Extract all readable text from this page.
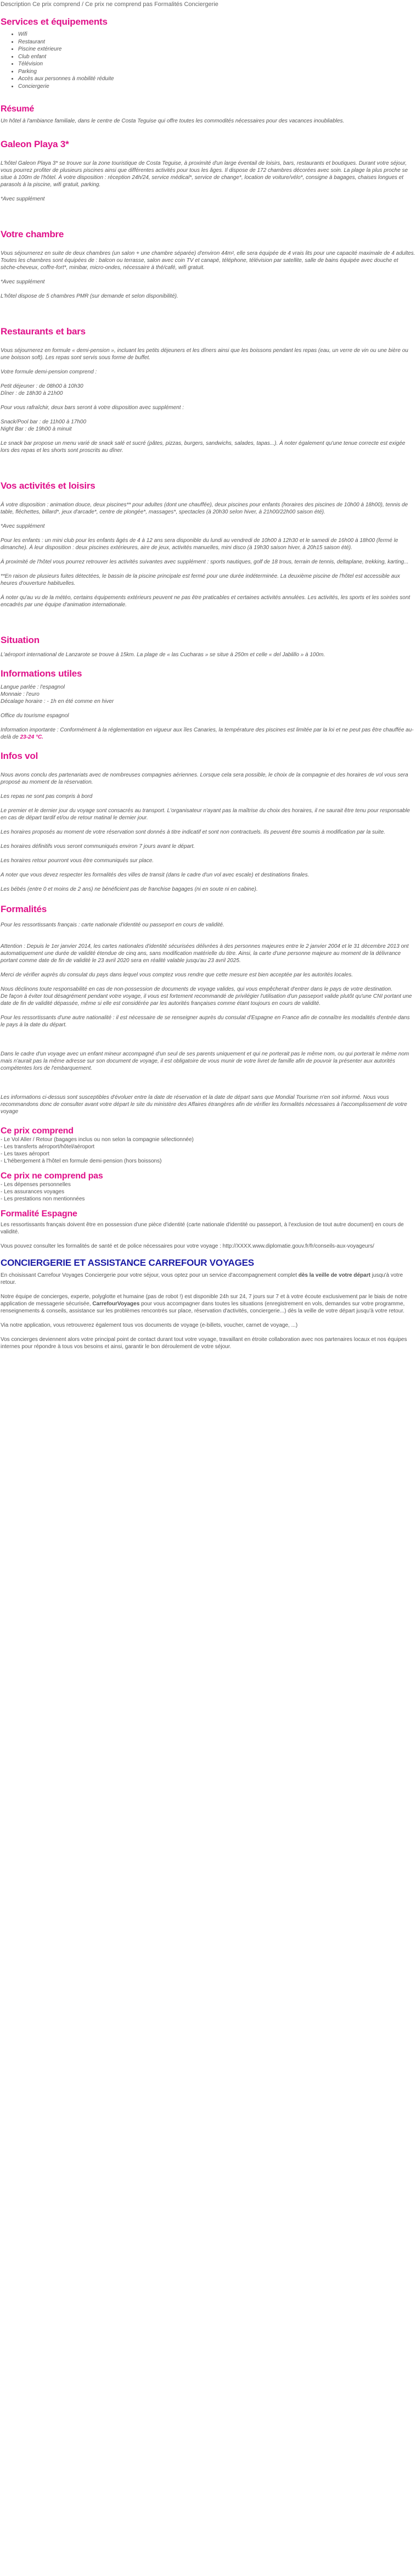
Description Ce prix comprend / Ce prix ne comprend pas Formalités Conciergerie
Services et équipements
• Wifi
• Restaurant
• Piscine extérieure
• Club enfant
• Télévision
• Parking
• Accès aux personnes à mobilité réduite
• Conciergerie
Résumé

Un hôtel à l'ambiance familiale, dans le centre de Costa Teguise qui offre toutes les commodités nécessaires pour des vacances inoubliables.

Galeon Playa 3*

L'hôtel Galeon Playa 3* se trouve sur la zone touristique de Costa Teguise, à proximité d'un large éventail de loisirs, bars, restaurants et boutiques. Durant votre séjour, vous pourrez profiter de plusieurs piscines ainsi que différentes activités pour tous les âges. Il dispose de 172 chambres décorées avec soin. La plage la plus proche se situe à 100m de l'hôtel. À votre disposition : réception 24h/24, service médical*, service de change*, location de voiture/vélo*, consigne à bagages, chaises longues et parasols à la piscine, wifi gratuit, parking.

*Avec supplément

Votre chambre

Vous séjournerez en suite de deux chambres (un salon + une chambre séparée) d'environ 44m², elle sera équipée de 4 vrais lits pour une capacité maximale de 4 adultes. Toutes les chambres sont équipées de : balcon ou terrasse, salon avec coin TV et canapé, téléphone, télévision par satellite, salle de bains équipée avec douche et sèche-cheveux, coffre-fort*, minibar, micro-ondes, nécessaire à thé/café, wifi gratuit.

*Avec supplément

L'hôtel dispose de 5 chambres PMR (sur demande et selon disponibilité).

Restaurants et bars

Vous séjournerez en formule « demi-pension », incluant les petits déjeuners et les dîners ainsi que les boissons pendant les repas (eau, un verre de vin ou une bière ou une boisson soft). Les repas sont servis sous forme de buffet.

Votre formule demi-pension comprend :

Petit déjeuner : de 08h00 à 10h30

Dîner : de 18h30 à 21h00

Pour vous rafraîchir, deux bars seront à votre disposition avec supplément :

Snack/Pool bar : de 11h00 à 17h00

Night Bar : de 19h00 à minuit

Le snack bar propose un menu varié de snack salé et sucré (pâtes, pizzas, burgers, sandwichs, salades, tapas...). À noter également qu'une tenue correcte est exigée lors des repas et les shorts sont proscrits au dîner.

Vos activités et loisirs

À votre disposition : animation douce, deux piscines** pour adultes (dont une chauffée), deux piscines pour enfants (horaires des piscines de 10h00 à 18h00), tennis de table, fléchettes, billard*, jeux d'arcade*, centre de plongée*, massages*, spectacles (à 20h30 selon hiver, à 21h00/22h00 saison été).

*Avec supplément

Pour les enfants : un mini club pour les enfants âgés de 4 à 12 ans sera disponible du lundi au vendredi de 10h00 à 12h30 et le samedi de 16h00 à 18h00 (fermé le dimanche). À leur disposition : deux piscines extérieures, aire de jeux, activités manuelles, mini disco (à 19h30 saison hiver, à 20h15 saison été).

À proximité de l'hôtel vous pourrez retrouver les activités suivantes avec supplément : sports nautiques, golf de 18 trous, terrain de tennis, deltaplane, trekking, karting...

**En raison de plusieurs fuites détectées, le bassin de la piscine principale est fermé pour une durée indéterminée. La deuxième piscine de l'hôtel est accessible aux heures d'ouverture habituelles.

À noter qu'au vu de la météo, certains équipements extérieurs peuvent ne pas être praticables et certaines activités annulées. Les activités, les sports et les soirées sont encadrés par une équipe d'animation internationale.

Situation

L'aéroport international de Lanzarote se trouve à 15km. La plage de « las Cucharas » se situe à 250m et celle « del Jablillo » à 100m.

Informations utiles

Langue parlée : l'espagnol

Monnaie : l'euro

Décalage horaire : - 1h en été comme en hiver

Office du tourisme espagnol

Information importante : Conformément à la réglementation en vigueur aux îles Canaries, la température des piscines est limitée par la loi et ne peut pas être chauffée au-delà de 23-24 °C.

Infos vol

Nous avons conclu des partenariats avec de nombreuses compagnies aériennes. Lorsque cela sera possible, le choix de la compagnie et des horaires de vol vous sera proposé au moment de la réservation.

Les repas ne sont pas compris à bord

Le premier et le dernier jour du voyage sont consacrés au transport. L'organisateur n'ayant pas la maîtrise du choix des horaires, il ne saurait être tenu pour responsable en cas de départ tardif et/ou de retour matinal le dernier jour.

Les horaires proposés au moment de votre réservation sont donnés à titre indicatif et sont non contractuels. Ils peuvent être soumis à modification par la suite.

Les horaires définitifs vous seront communiqués environ 7 jours avant le départ.

Les horaires retour pourront vous être communiqués sur place.

A noter que vous devez respecter les formalités des villes de transit (dans le cadre d'un vol avec escale) et destinations finales.

Les bébés (entre 0 et moins de 2 ans) ne bénéficient pas de franchise bagages (ni en soute ni en cabine).

Formalités

Pour les ressortissants français : carte nationale d'identité ou passeport en cours de validité.

Attention : Depuis le 1er janvier 2014, les cartes nationales d'identité sécurisées délivrées à des personnes majeures entre le 2 janvier 2004 et le 31 décembre 2013 ont automatiquement une durée de validité étendue de cinq ans, sans modification matérielle du titre. Ainsi, la carte d'une personne majeure au moment de la délivrance portant comme date de fin de validité le 23 avril 2020 sera en réalité valable jusqu'au 23 avril 2025.

Merci de vérifier auprès du consulat du pays dans lequel vous comptez vous rendre que cette mesure est bien acceptée par les autorités locales.

Nous déclinons toute responsabilité en cas de non-possession de documents de voyage valides, qui vous empêcherait d'entrer dans le pays de votre destination.

De façon à éviter tout désagrément pendant votre voyage, il vous est fortement recommandé de privilégier l'utilisation d'un passeport valide plutôt qu'une CNI portant une date de fin de validité dépassée, même si elle est considérée par les autorités françaises comme étant toujours en cours de validité.

Pour les ressortissants d'une autre nationalité : il est nécessaire de se renseigner auprès du consulat d'Espagne en France afin de connaître les modalités d'entrée dans le pays à la date du départ.

Dans le cadre d'un voyage avec un enfant mineur accompagné d'un seul de ses parents uniquement et qui ne porterait pas le même nom, ou qui porterait le même nom mais n'aurait pas la même adresse sur son document de voyage, il est obligatoire de vous munir de votre livret de famille afin de pouvoir la présenter aux autorités compétentes lors de l'embarquement.

Les informations ci-dessus sont susceptibles d'évoluer entre la date de réservation et la date de départ sans que Mondial Tourisme n'en soit informé. Nous vous recommandons donc de consulter avant votre départ le site du ministère des Affaires étrangères afin de vérifier les formalités nécessaires à l'accomplissement de votre voyage

Ce prix comprend

- Le Vol Aller / Retour (bagages inclus ou non selon la compagnie sélectionnée)

- Les transferts aéroport/hôtel/aéroport

- Les taxes aéroport

- L'hébergement à l'hôtel en formule demi-pension (hors boissons)

Ce prix ne comprend pas

- Les dépenses personnelles

- Les assurances voyages

- Les prestations non mentionnées

Formalité Espagne

Les ressortissants français doivent être en possession d'une pièce d'identité (carte nationale d'identité ou passeport, à l'exclusion de tout autre document) en cours de validité.

Vous pouvez consulter les formalités de santé et de police nécessaires pour votre voyage : http://XXXX.www.diplomatie.gouv.fr/fr/conseils-aux-voyageurs/

CONCIERGERIE ET ASSISTANCE CARREFOUR VOYAGES

En choisissant Carrefour Voyages Conciergerie pour votre séjour, vous optez pour un service d'accompagnement complet dès la veille de votre départ jusqu'à votre retour.

Notre équipe de concierges, experte, polyglotte et humaine (pas de robot !) est disponible 24h sur 24, 7 jours sur 7 et à votre écoute exclusivement par le biais de notre application de messagerie sécurisée, CarrefourVoyages pour vous accompagner dans toutes les situations (enregistrement en vols, demandes sur votre programme, renseignements & conseils, assistance sur les problèmes rencontrés sur place, réservation d'activités, conciergerie...) dès la veille de votre départ jusqu'à votre retour.

Via notre application, vous retrouverez également tous vos documents de voyage (e-billets, voucher, carnet de voyage, ...)

Vos concierges deviennent alors votre principal point de contact durant tout votre voyage, travaillant en étroite collaboration avec nos partenaires locaux et nos équipes internes pour répondre à tous vos besoins et ainsi, garantir le bon déroulement de votre séjour.
